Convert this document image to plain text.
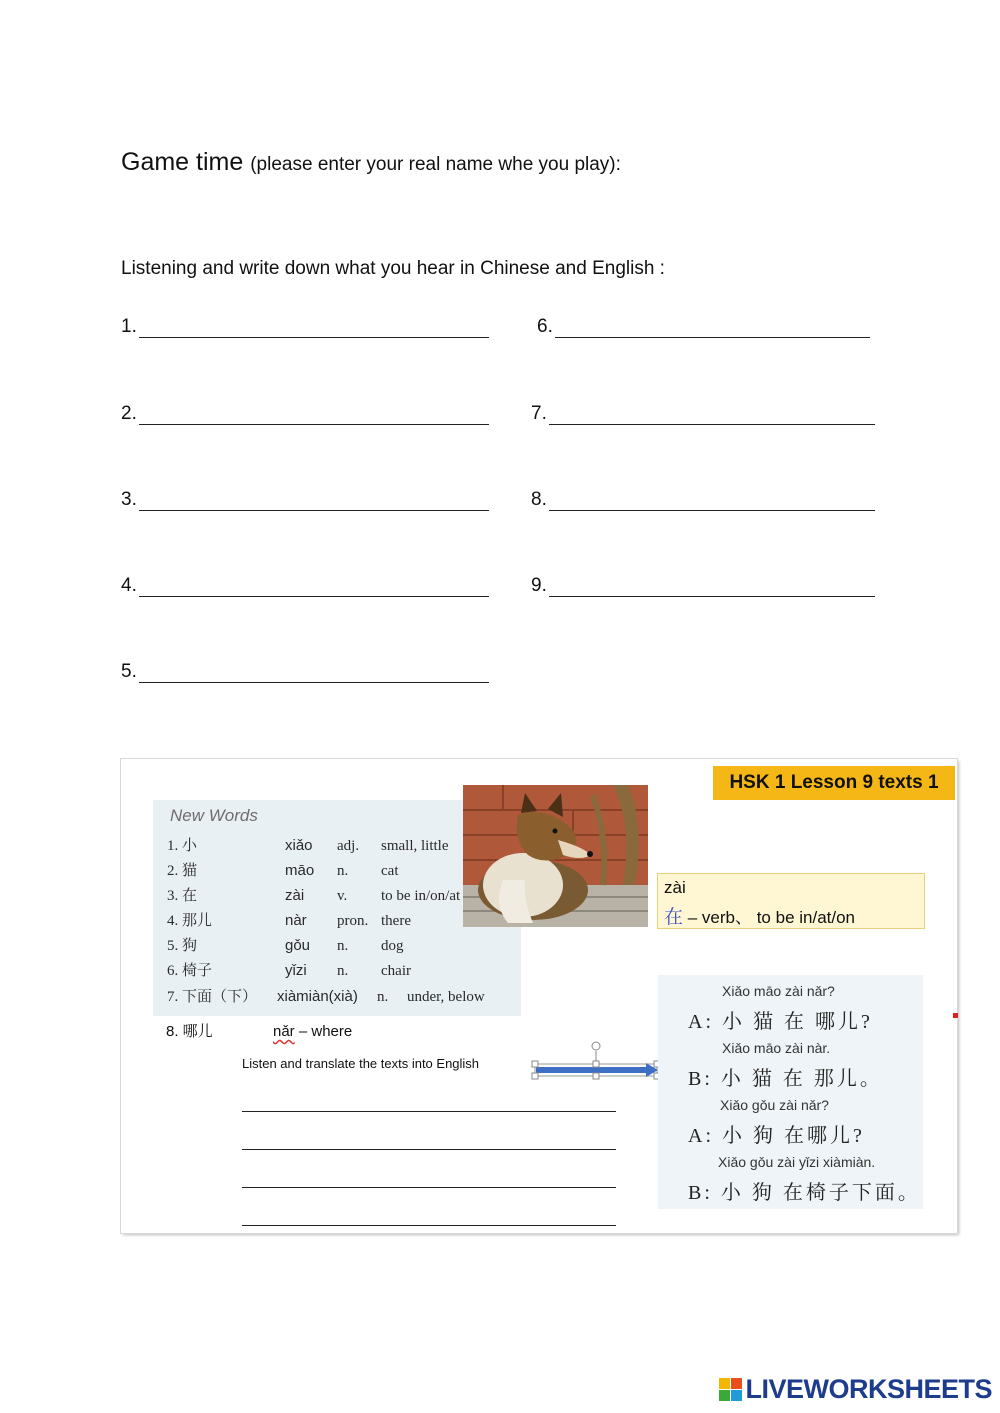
Game time (please enter your real name whe you play):
Listening and write down what you hear in Chinese and English :
1.
2.
3.
4.
5.
6.
7.
8.
9.
HSK 1 Lesson 9 texts 1
New Words
1. 小	xiǎo adj. small, little
2. 猫	māo n. cat
3. 在	zài v. to be in/on/at
4. 那儿	nàr pron. there
5. 狗	gǒu n. dog
6. 椅子	yǐzi n. chair
7. 下面（下） xiàmiàn(xià) n. under, below
zài
在 – verb、 to be in/at/on
8. 哪儿	nǎr – where
Listen and translate the texts into English
Xiǎo māo zài nǎr?
A: 小 猫 在 哪儿?
Xiǎo māo zài nàr.
B: 小 猫 在 那儿。
Xiǎo gǒu zài nǎr?
A: 小 狗 在哪儿?
Xiǎo gǒu zài yǐzi xiàmiàn.
B: 小 狗 在椅子下面。
LIVEWORKSHEETS
